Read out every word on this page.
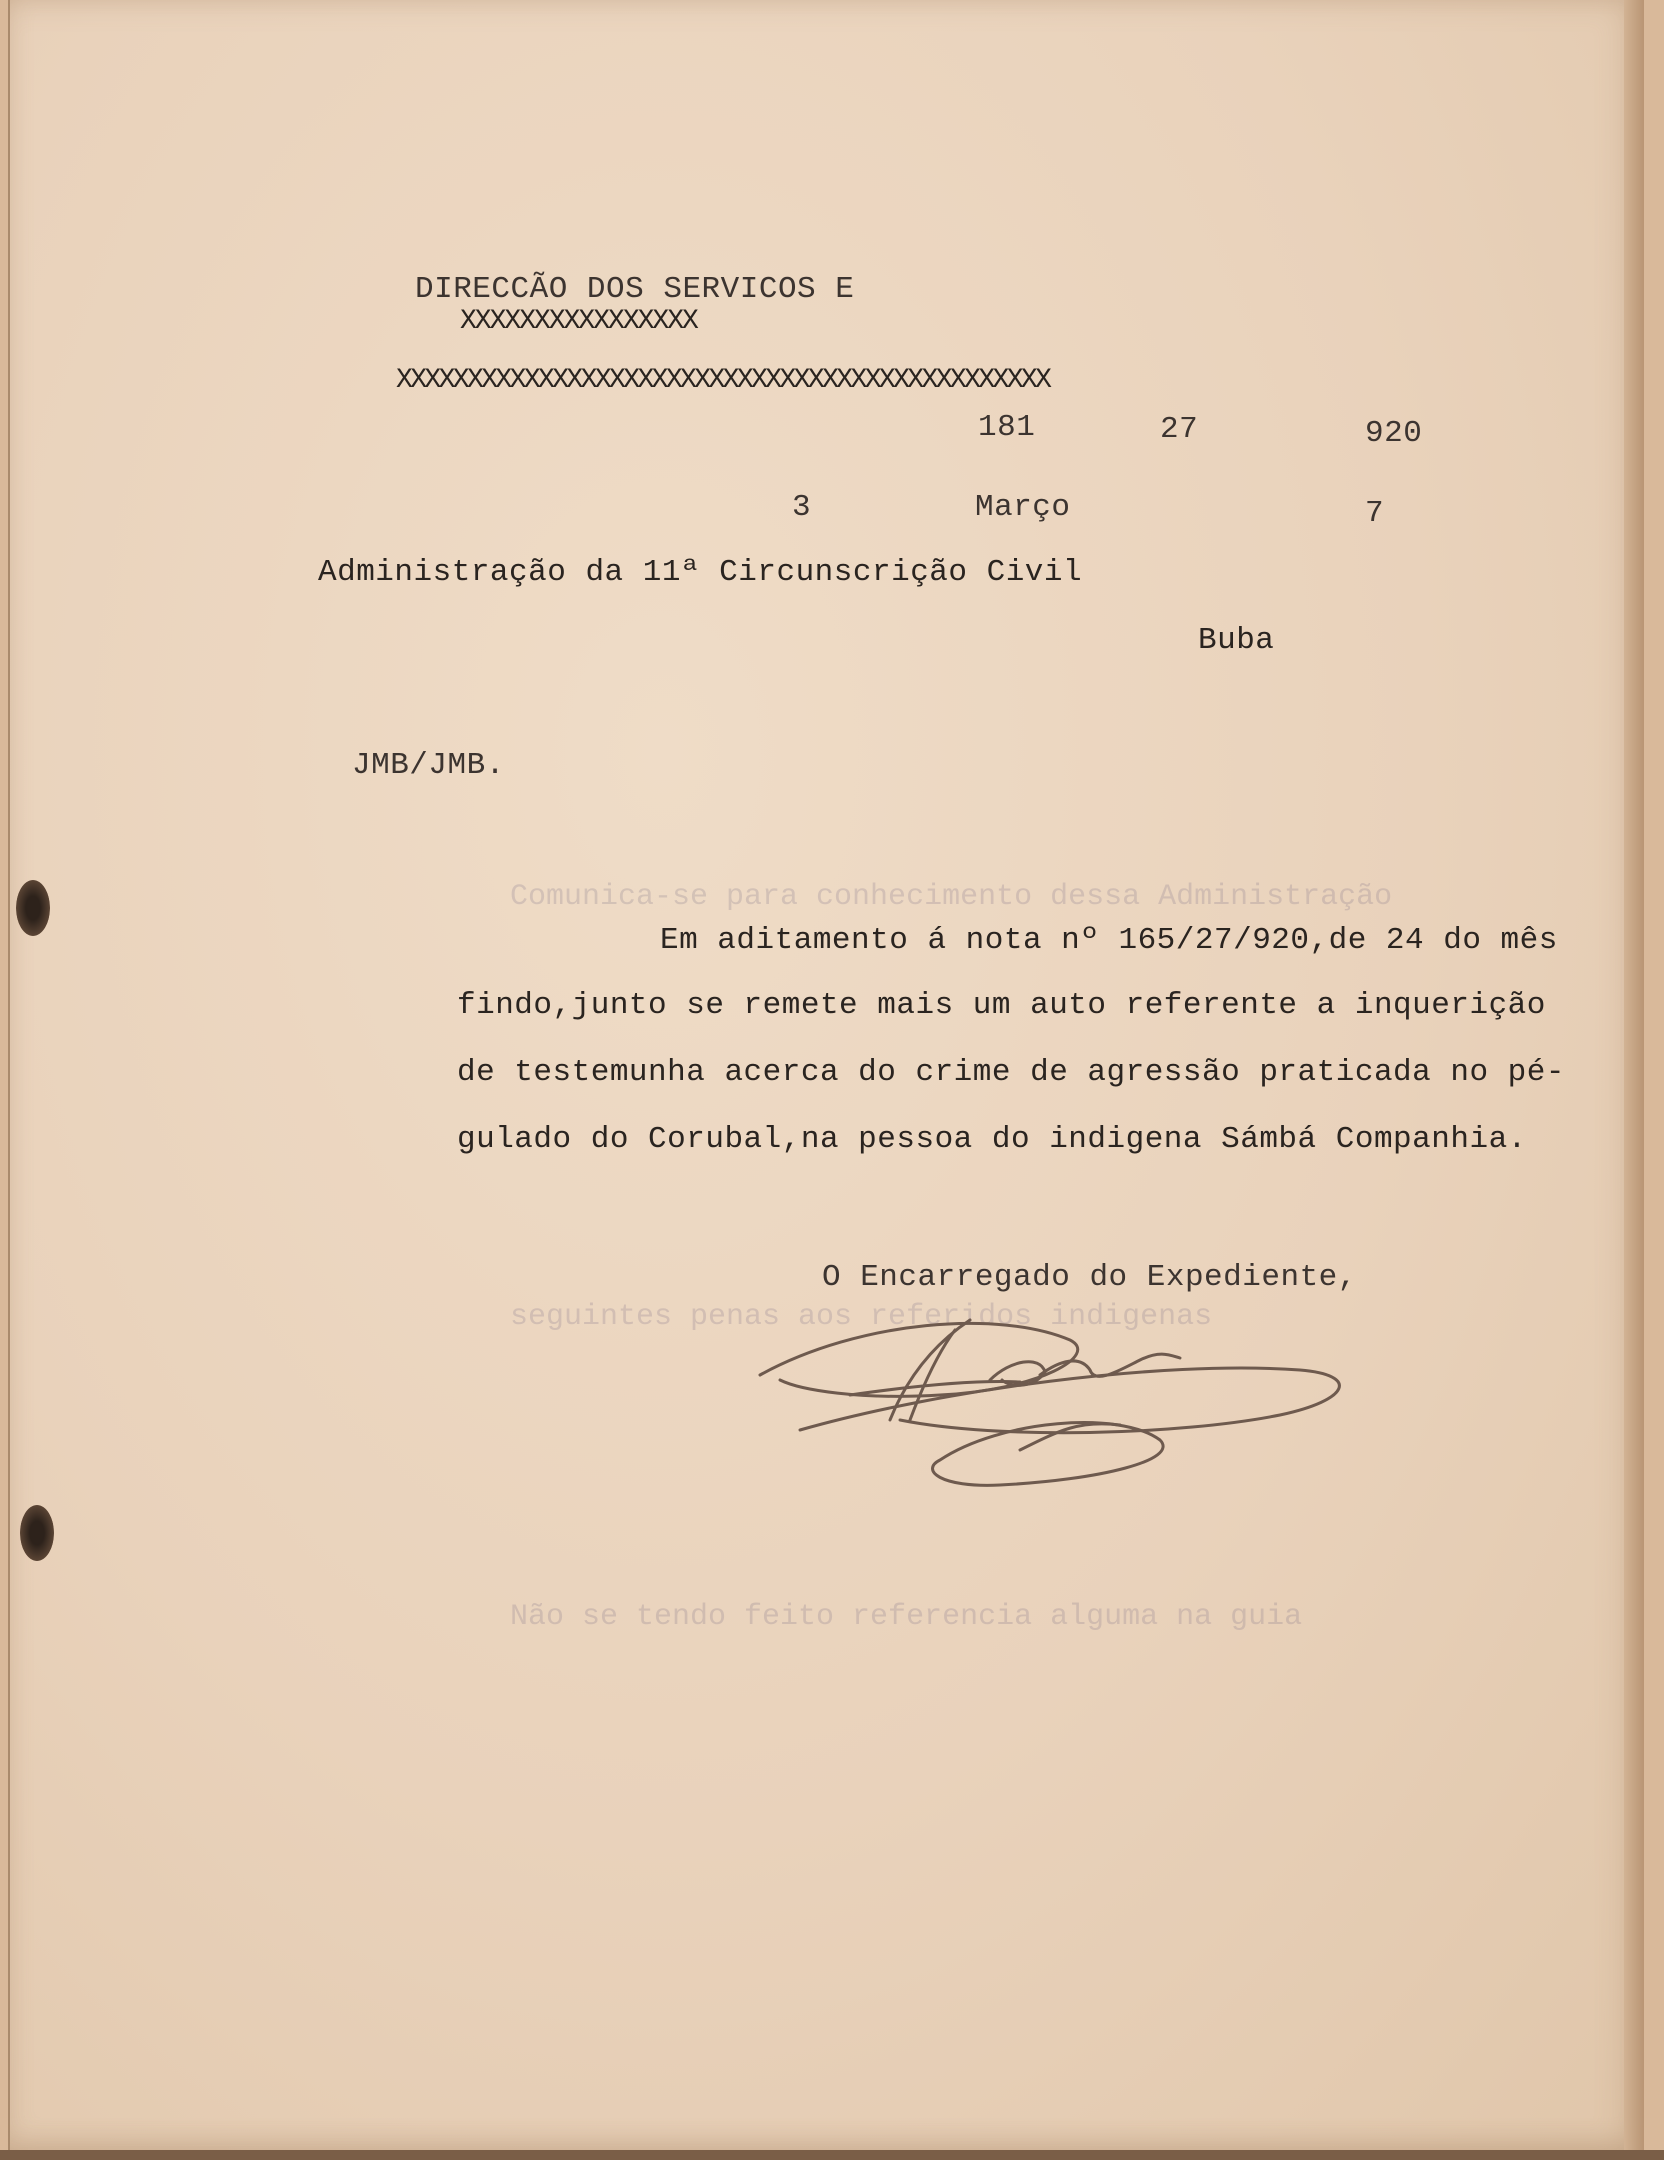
Comunica-se para conhecimento dessa Administração
seguintes penas aos referidos indigenas
Não se tendo feito referencia alguma na guia
DIRECCÃO DOS SERVICOS E
XXXXXXXXXXXXXXXX
XXXXXXXXXXXXXXXXXXXXXXXXXXXXXXXXXXXXXXXXXXXXXX
181	27	920
3	Março	7
Administração da 11ª Circunscrição Civil
Buba
JMB/JMB.
Em aditamento á nota nº 165/27/920,de 24 do mês
findo,junto se remete mais um auto referente a inquerição
de testemunha acerca do crime de agressão praticada no pé-
gulado do Corubal,na pessoa do indigena Sámbá Companhia.
O Encarregado do Expediente,
